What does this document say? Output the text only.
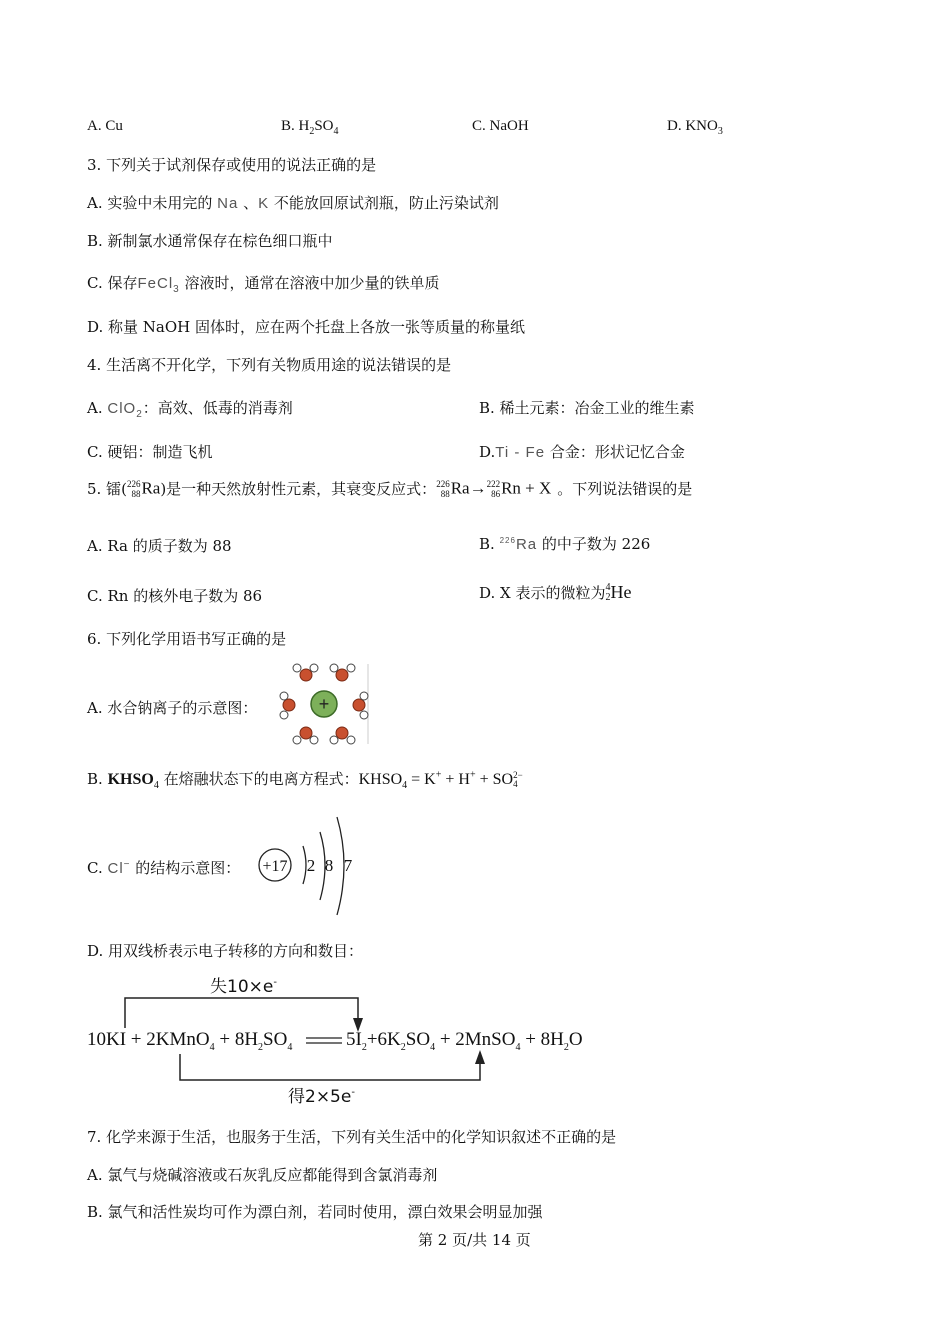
A. Cu	B. $H_2SO_4$	C. NaOH	D. $KNO_3$
3. 下列关于试剂保存或使用的说法正确的是
A. 实验中未用完的 Na 、K 不能放回原试剂瓶，防止污染试剂
B. 新制氯水通常保存在棕色细口瓶中
C. 保存FeCl$_3$ 溶液时，通常在溶液中加少量的铁单质
D. 称量 NaOH 固体时，应在两个托盘上各放一张等质量的称量纸
4. 生活离不开化学，下列有关物质用途的说法错误的是
A. ClO$_2$：高效、低毒的消毒剂	B. 稀土元素：冶金工业的维生素
C. 硬铝：制造飞机	D.Ti - Fe 合金：形状记忆合金
5. 镭(226
88Ra)是一种天然放射性元素，其衰变反应式：226
88Ra→222
86Rn + X 。下列说法错误的是
A. Ra 的质子数为 88	B. $^{226}$Ra 的中子数为 226
C. Rn 的核外电子数为 86	D. X 表示的微粒为4
2He
6. 下列化学用语书写正确的是
A. 水合钠离子的示意图：	+
B. $KHSO_4$ 在熔融状态下的电离方程式：$KHSO_4 = K^+ + H^+ + SO2-$
4
C. Cl− 的结构示意图： +17 2 8 7
D. 用双线桥表示电子转移的方向和数目：
失10×e-
得2×5e-
10KI + 2KMnO$_4$ + $8H_2SO_4$	$5I_2+6K_2SO_4$ + 2MnSO$_4$ + $8H_2O$
7. 化学来源于生活，也服务于生活，下列有关生活中的化学知识叙述不正确的是
A. 氯气与烧碱溶液或石灰乳反应都能得到含氯消毒剂
B. 氯气和活性炭均可作为漂白剂，若同时使用，漂白效果会明显加强
第 2 页/共 14 页
